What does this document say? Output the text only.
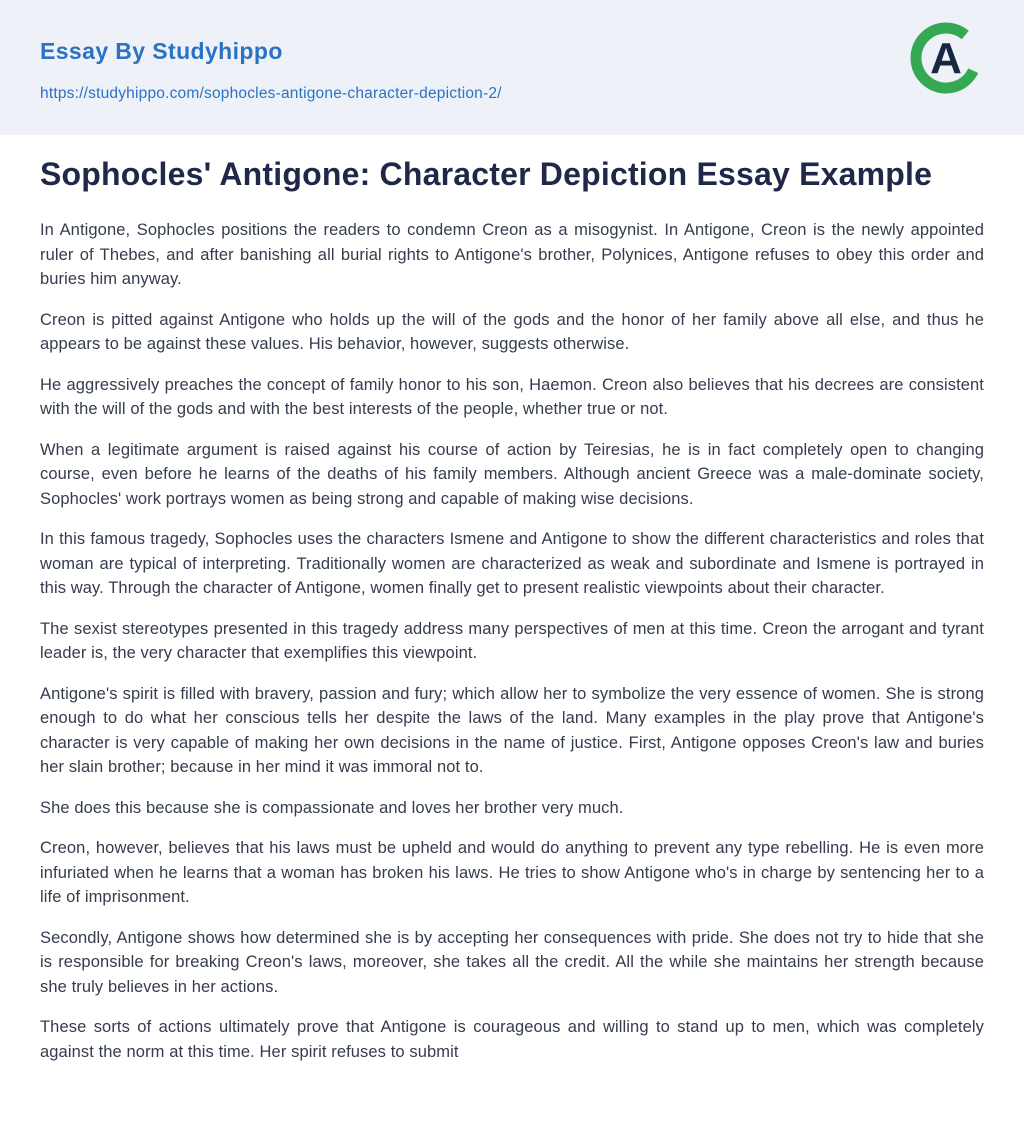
Essay By Studyhippo
https://studyhippo.com/sophocles-antigone-character-depiction-2/
A
Sophocles' Antigone: Character Depiction Essay Example

In Antigone, Sophocles positions the readers to condemn Creon as a misogynist. In Antigone, Creon is the newly appointed ruler of Thebes, and after banishing all burial rights to Antigone's brother, Polynices, Antigone refuses to obey this order and buries him anyway.

Creon is pitted against Antigone who holds up the will of the gods and the honor of her family above all else, and thus he appears to be against these values. His behavior, however, suggests otherwise.

He aggressively preaches the concept of family honor to his son, Haemon. Creon also believes that his decrees are consistent with the will of the gods and with the best interests of the people, whether true or not.

When a legitimate argument is raised against his course of action by Teiresias, he is in fact completely open to changing course, even before he learns of the deaths of his family members. Although ancient Greece was a male-dominate society, Sophocles' work portrays women as being strong and capable of making wise decisions.

In this famous tragedy, Sophocles uses the characters Ismene and Antigone to show the different characteristics and roles that woman are typical of interpreting. Traditionally women are characterized as weak and subordinate and Ismene is portrayed in this way. Through the character of Antigone, women finally get to present realistic viewpoints about their character.

The sexist stereotypes presented in this tragedy address many perspectives of men at this time. Creon the arrogant and tyrant leader is, the very character that exemplifies this viewpoint.

Antigone's spirit is filled with bravery, passion and fury; which allow her to symbolize the very essence of women. She is strong enough to do what her conscious tells her despite the laws of the land. Many examples in the play prove that Antigone's character is very capable of making her own decisions in the name of justice. First, Antigone opposes Creon's law and buries her slain brother; because in her mind it was immoral not to.

She does this because she is compassionate and loves her brother very much.

Creon, however, believes that his laws must be upheld and would do anything to prevent any type rebelling. He is even more infuriated when he learns that a woman has broken his laws. He tries to show Antigone who's in charge by sentencing her to a life of imprisonment.

Secondly, Antigone shows how determined she is by accepting her consequences with pride. She does not try to hide that she is responsible for breaking Creon's laws, moreover, she takes all the credit. All the while she maintains her strength because she truly believes in her actions.

These sorts of actions ultimately prove that Antigone is courageous and willing to stand up to men, which was completely against the norm at this time. Her spirit refuses to submit
